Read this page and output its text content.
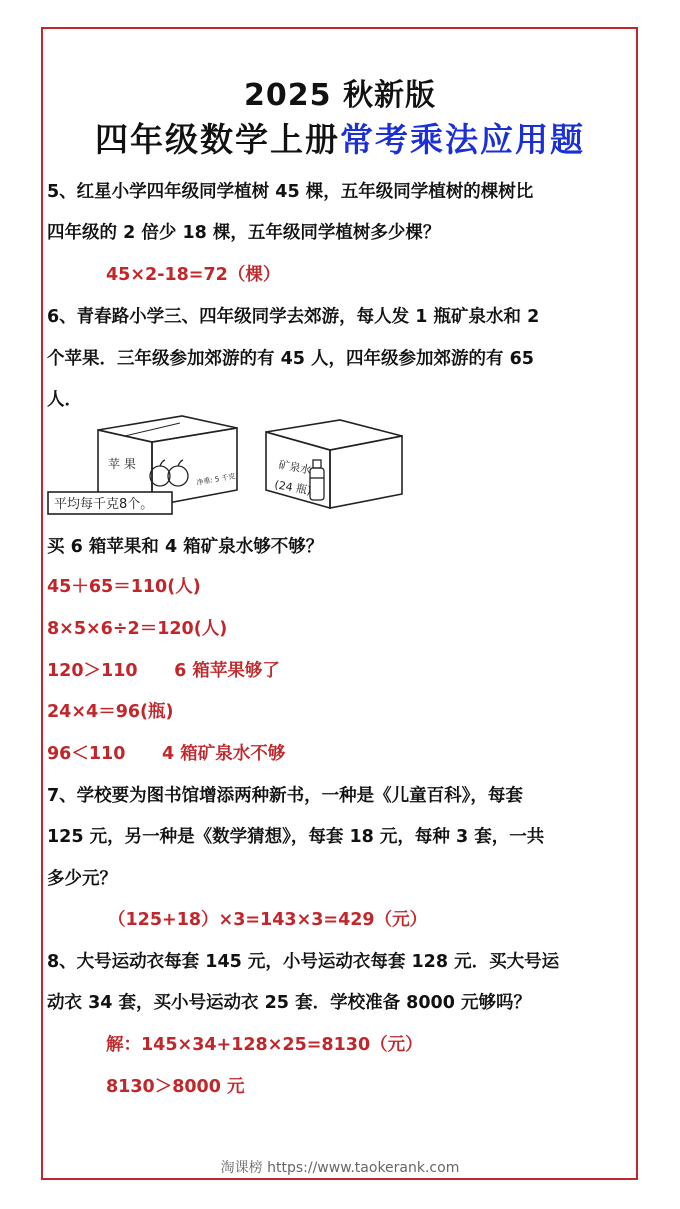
2025 秋新版
四年级数学上册常考乘法应用题
5、红星小学四年级同学植树 45 棵，五年级同学植树的棵树比
四年级的 2 倍少 18 棵，五年级同学植树多少棵？
45×2-18=72（棵）
6、青春路小学三、四年级同学去郊游，每人发 1 瓶矿泉水和 2
个苹果．三年级参加郊游的有 45 人，四年级参加郊游的有 65
人．
苹 果
净重: 5 千克
平均每千克8个。
矿泉水
(24 瓶)
买 6 箱苹果和 4 箱矿泉水够不够？
45＋65＝110(人)
8×5×6÷2＝120(人)
120＞110      6 箱苹果够了
24×4＝96(瓶)
96＜110      4 箱矿泉水不够
7、学校要为图书馆增添两种新书，一种是《儿童百科》，每套
125 元，另一种是《数学猜想》，每套 18 元，每种 3 套，一共
多少元？
（125+18）×3=143×3=429（元）
8、大号运动衣每套 145 元，小号运动衣每套 128 元．买大号运
动衣 34 套，买小号运动衣 25 套．学校准备 8000 元够吗？
解：145×34+128×25=8130（元）
8130＞8000 元
淘课榜 https://www.taokerank.com
